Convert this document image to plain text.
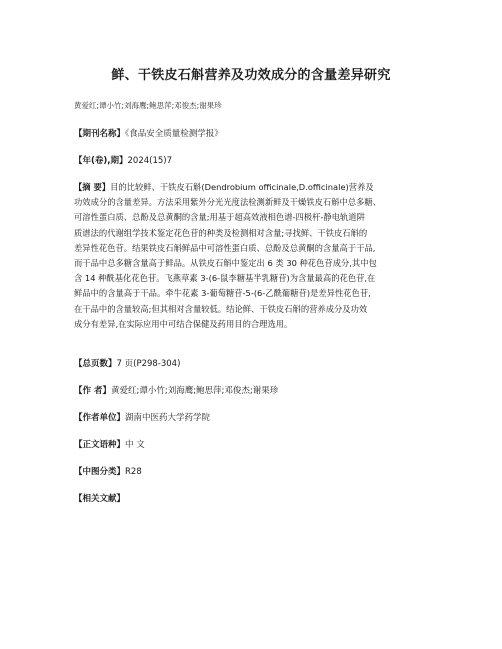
鲜、干铁皮石斛营养及功效成分的含量差异研究
黄爱红;谭小竹;刘海鹰;鲍思萍;邓俊杰;谢果珍
【期刊名称】《食品安全质量检测学报》
【年(卷),期】2024(15)7
【摘 要】目的比较鲜、干铁皮石斛(Dendrobium officinale,D.officinale)营养及
功效成分的含量差异。方法采用紫外分光光度法检测新鲜及干燥铁皮石斛中总多糖、
可溶性蛋白质、总酚及总黄酮的含量;用基于超高效液相色谱-四极杆-静电轨道阱
质谱法的代谢组学技术鉴定花色苷的种类及检测相对含量;寻找鲜、干铁皮石斛的
差异性花色苷。结果铁皮石斛鲜品中可溶性蛋白质、总酚及总黄酮的含量高于干品,
而干品中总多糖含量高于鲜品。从铁皮石斛中鉴定出 6 类 30 种花色苷成分,其中包
含 14 种酰基化花色苷。飞燕草素 3-(6-鼠李糖基半乳糖苷)为含量最高的花色苷,在
鲜品中的含量高于干品。牵牛花素 3-葡萄糖苷-5-(6-乙酰葡糖苷)是差异性花色苷,
在干品中的含量较高;但其相对含量较低。结论鲜、干铁皮石斛的营养成分及功效
成分有差异,在实际应用中可结合保健及药用目的合理选用。
【总页数】7 页(P298-304)
【作 者】黄爱红;谭小竹;刘海鹰;鲍思萍;邓俊杰;谢果珍
【作者单位】湖南中医药大学药学院
【正文语种】中 文
【中图分类】R28
【相关文献】
